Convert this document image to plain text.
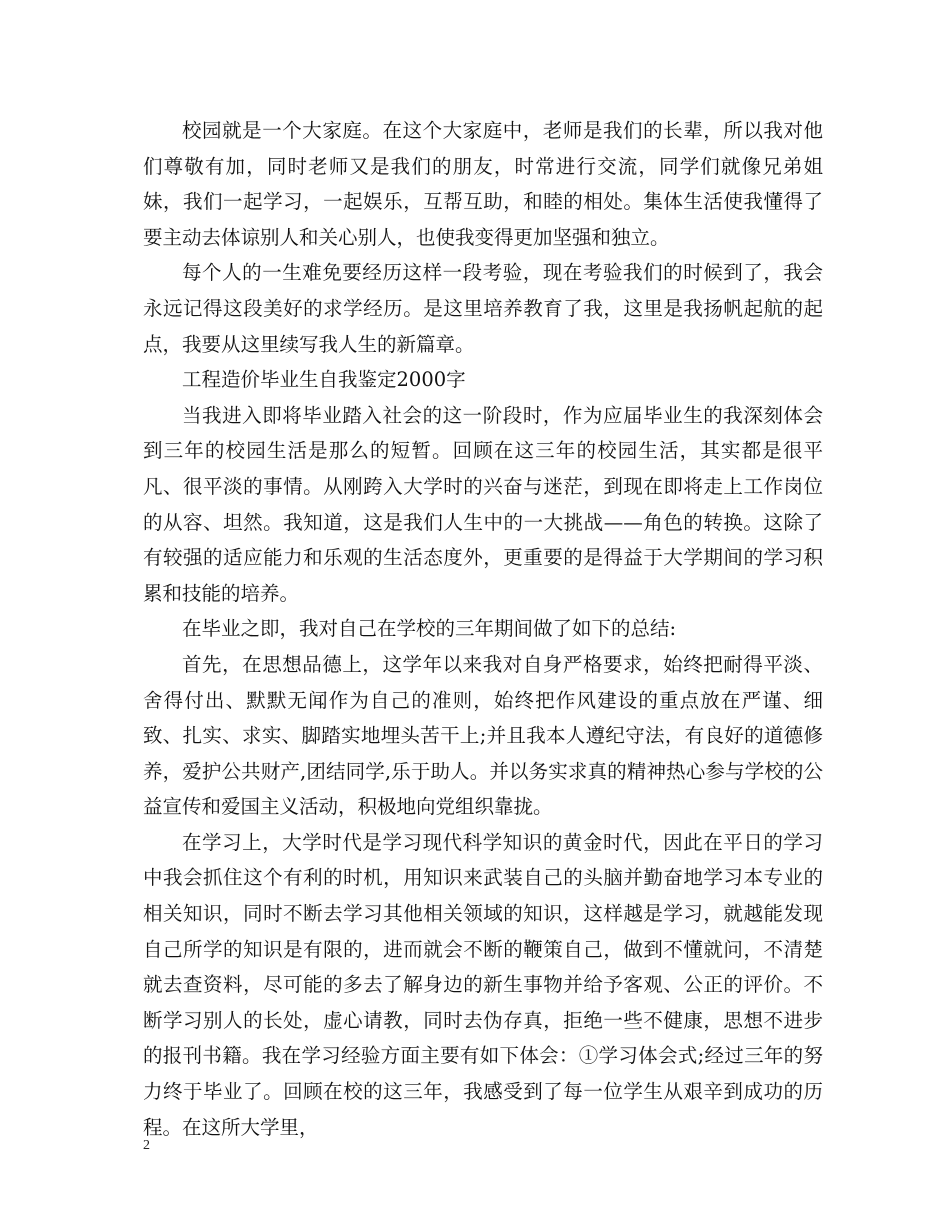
校园就是一个大家庭。在这个大家庭中，老师是我们的长辈，所以我对他们尊敬有加，同时老师又是我们的朋友，时常进行交流，同学们就像兄弟姐妹，我们一起学习，一起娱乐，互帮互助，和睦的相处。集体生活使我懂得了要主动去体谅别人和关心别人，也使我变得更加坚强和独立。

每个人的一生难免要经历这样一段考验，现在考验我们的时候到了，我会永远记得这段美好的求学经历。是这里培养教育了我，这里是我扬帆起航的起点，我要从这里续写我人生的新篇章。

工程造价毕业生自我鉴定2000字

当我进入即将毕业踏入社会的这一阶段时，作为应届毕业生的我深刻体会到三年的校园生活是那么的短暂。回顾在这三年的校园生活，其实都是很平凡、很平淡的事情。从刚跨入大学时的兴奋与迷茫，到现在即将走上工作岗位的从容、坦然。我知道，这是我们人生中的一大挑战——角色的转换。这除了有较强的适应能力和乐观的生活态度外，更重要的是得益于大学期间的学习积累和技能的培养。

在毕业之即，我对自己在学校的三年期间做了如下的总结:

首先，在思想品德上，这学年以来我对自身严格要求，始终把耐得平淡、舍得付出、默默无闻作为自己的准则，始终把作风建设的重点放在严谨、细致、扎实、求实、脚踏实地埋头苦干上;并且我本人遵纪守法，有良好的道德修养，爱护公共财产,团结同学,乐于助人。并以务实求真的精神热心参与学校的公益宣传和爱国主义活动，积极地向党组织靠拢。

在学习上，大学时代是学习现代科学知识的黄金时代，因此在平日的学习中我会抓住这个有利的时机，用知识来武装自己的头脑并勤奋地学习本专业的相关知识，同时不断去学习其他相关领域的知识，这样越是学习，就越能发现自己所学的知识是有限的，进而就会不断的鞭策自己，做到不懂就问，不清楚就去查资料，尽可能的多去了解身边的新生事物并给予客观、公正的评价。不断学习别人的长处，虚心请教，同时去伪存真，拒绝一些不健康，思想不进步的报刊书籍。我在学习经验方面主要有如下体会：①学习体会式;经过三年的努力终于毕业了。回顾在校的这三年，我感受到了每一位学生从艰辛到成功的历程。在这所大学里，

2
